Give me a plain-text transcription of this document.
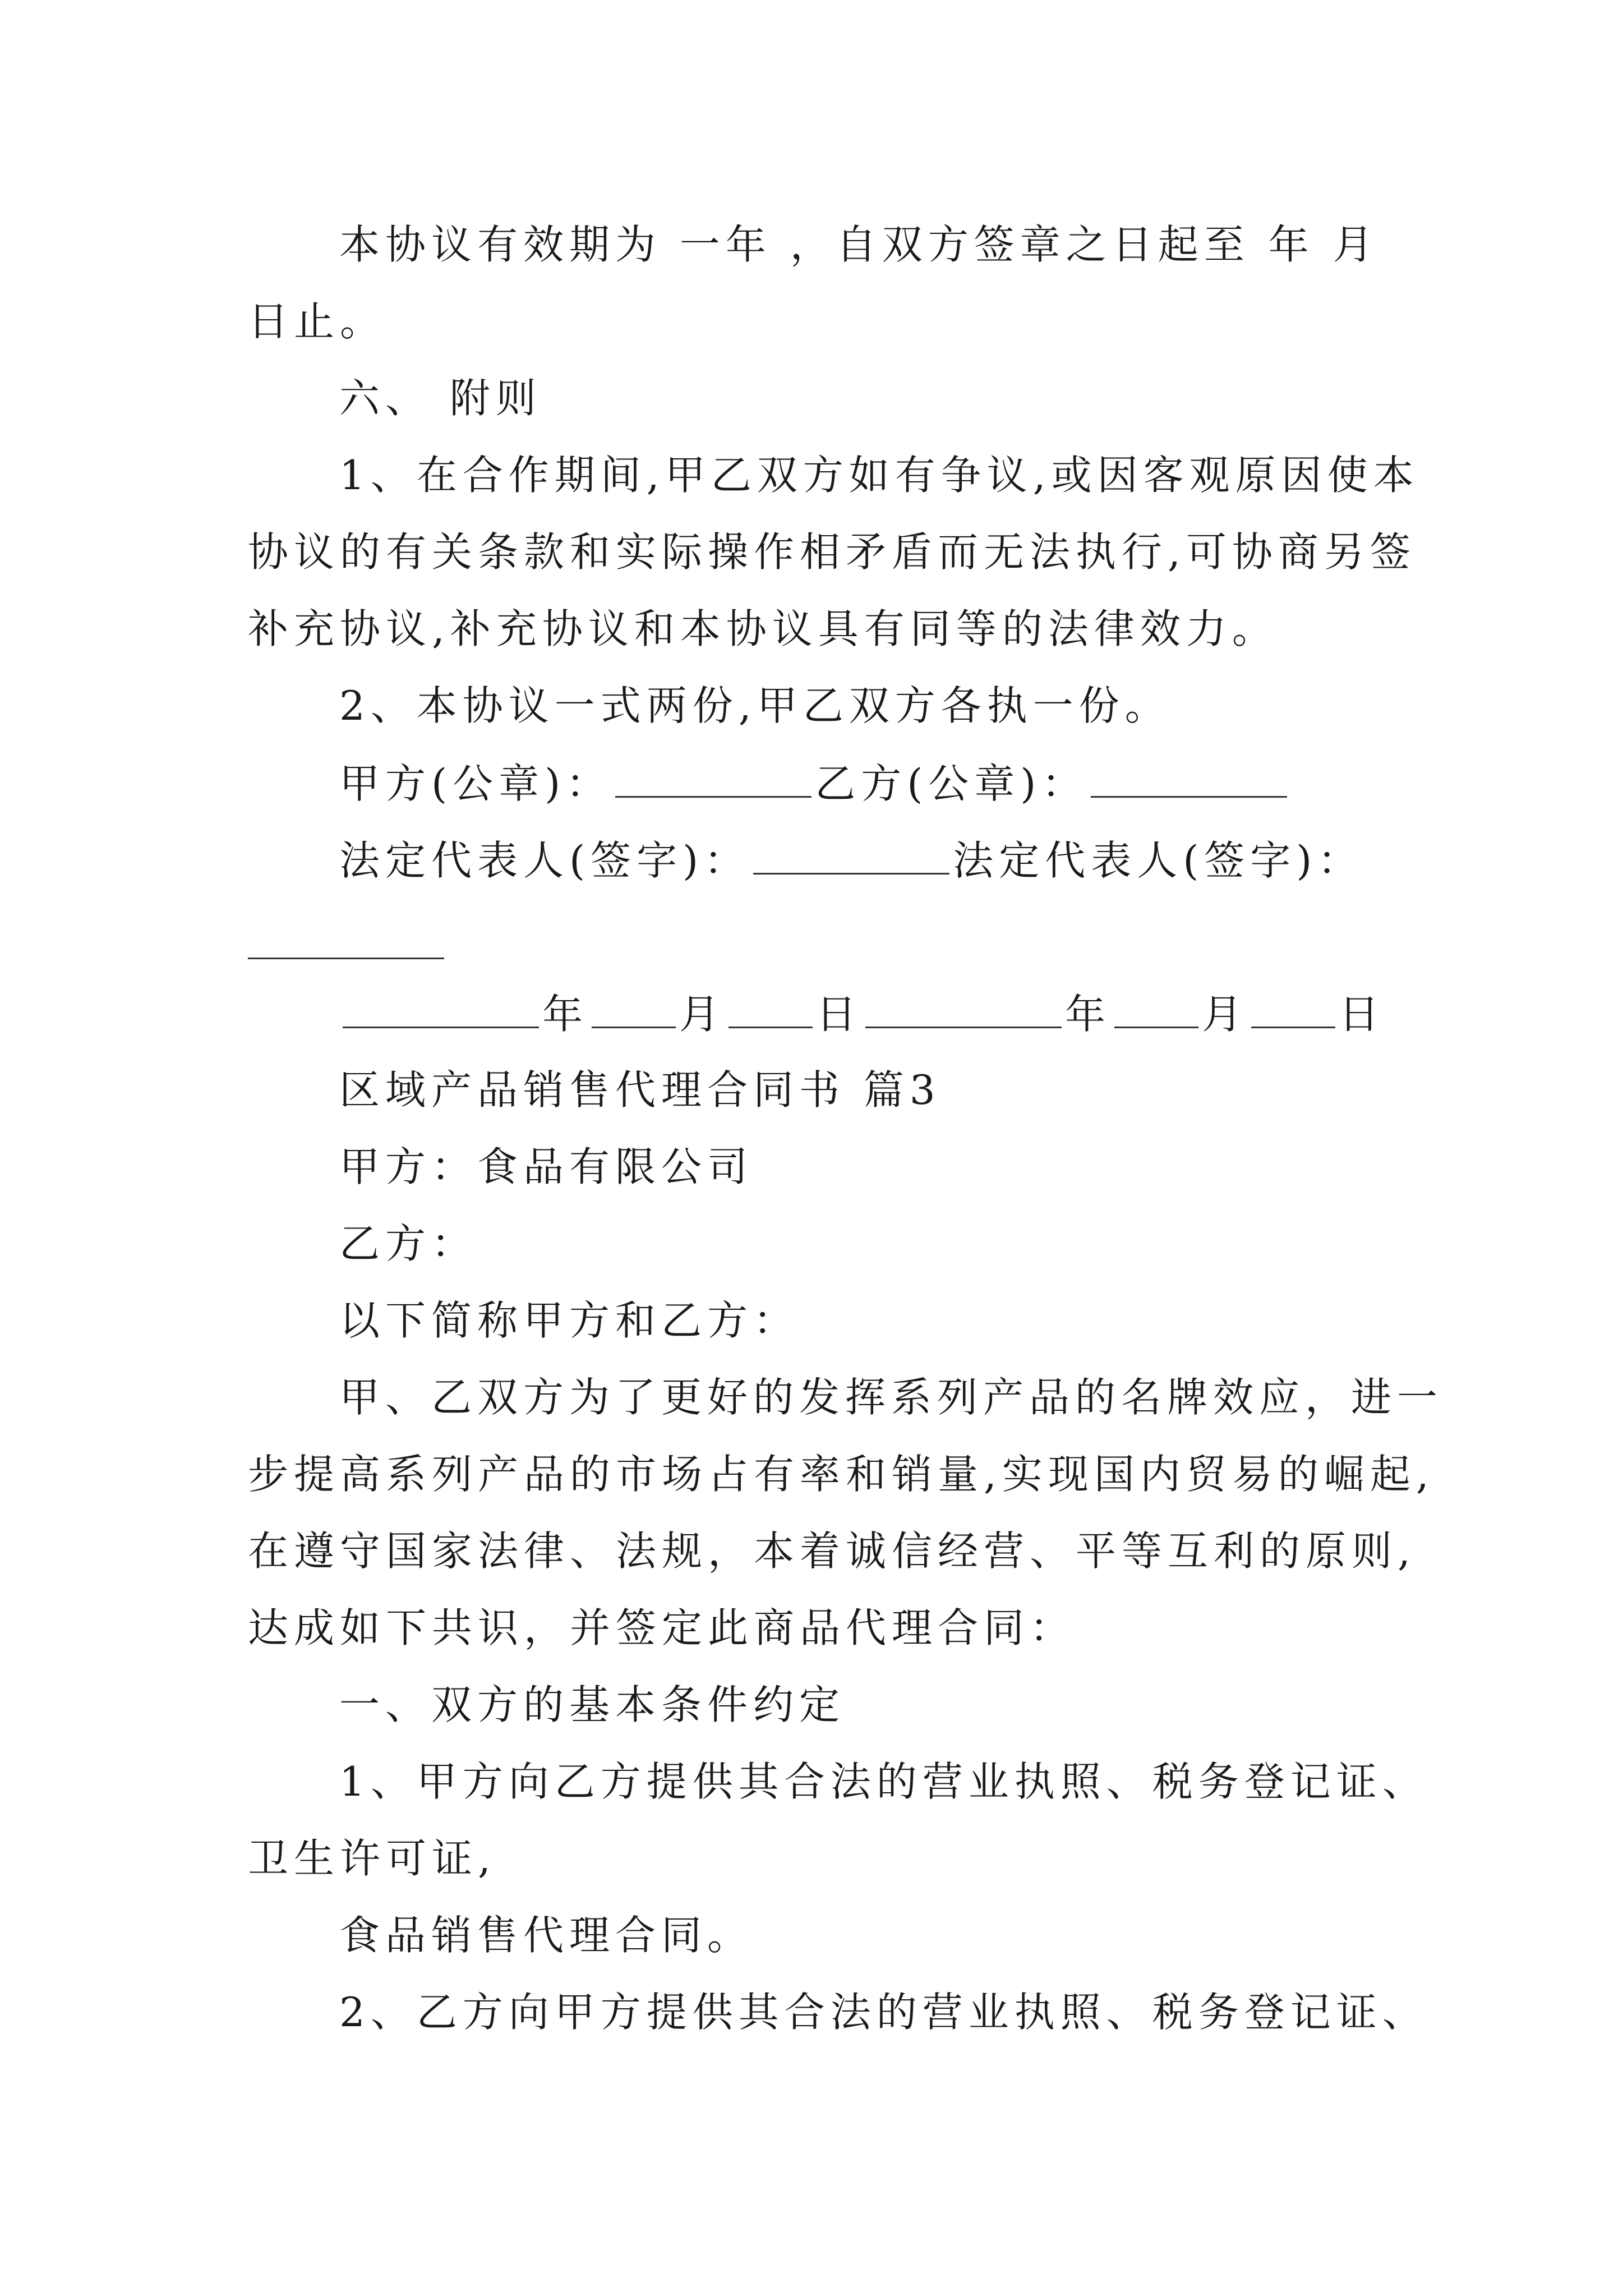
本协议有效期为 一年 ，自双方签章之日起至 年 月
日止。
六、 附则
1、在合作期间,甲乙双方如有争议,或因客观原因使本
协议的有关条款和实际操作相矛盾而无法执行,可协商另签
补充协议,补充协议和本协议具有同等的法律效力。
2、本协议一式两份,甲乙双方各执一份。
甲方(公章)：	乙方(公章)：
法定代表人(签字)：	法定代表人(签字)：
年 月 日	年 月 日
区域产品销售代理合同书 篇3
甲方：食品有限公司
乙方：
以下简称甲方和乙方：
甲、乙双方为了更好的发挥系列产品的名牌效应，进一
步提高系列产品的市场占有率和销量,实现国内贸易的崛起,
在遵守国家法律、法规，本着诚信经营、平等互利的原则,
达成如下共识，并签定此商品代理合同：
一、双方的基本条件约定
1、甲方向乙方提供其合法的营业执照、税务登记证、
卫生许可证,
食品销售代理合同。
2、乙方向甲方提供其合法的营业执照、税务登记证、
